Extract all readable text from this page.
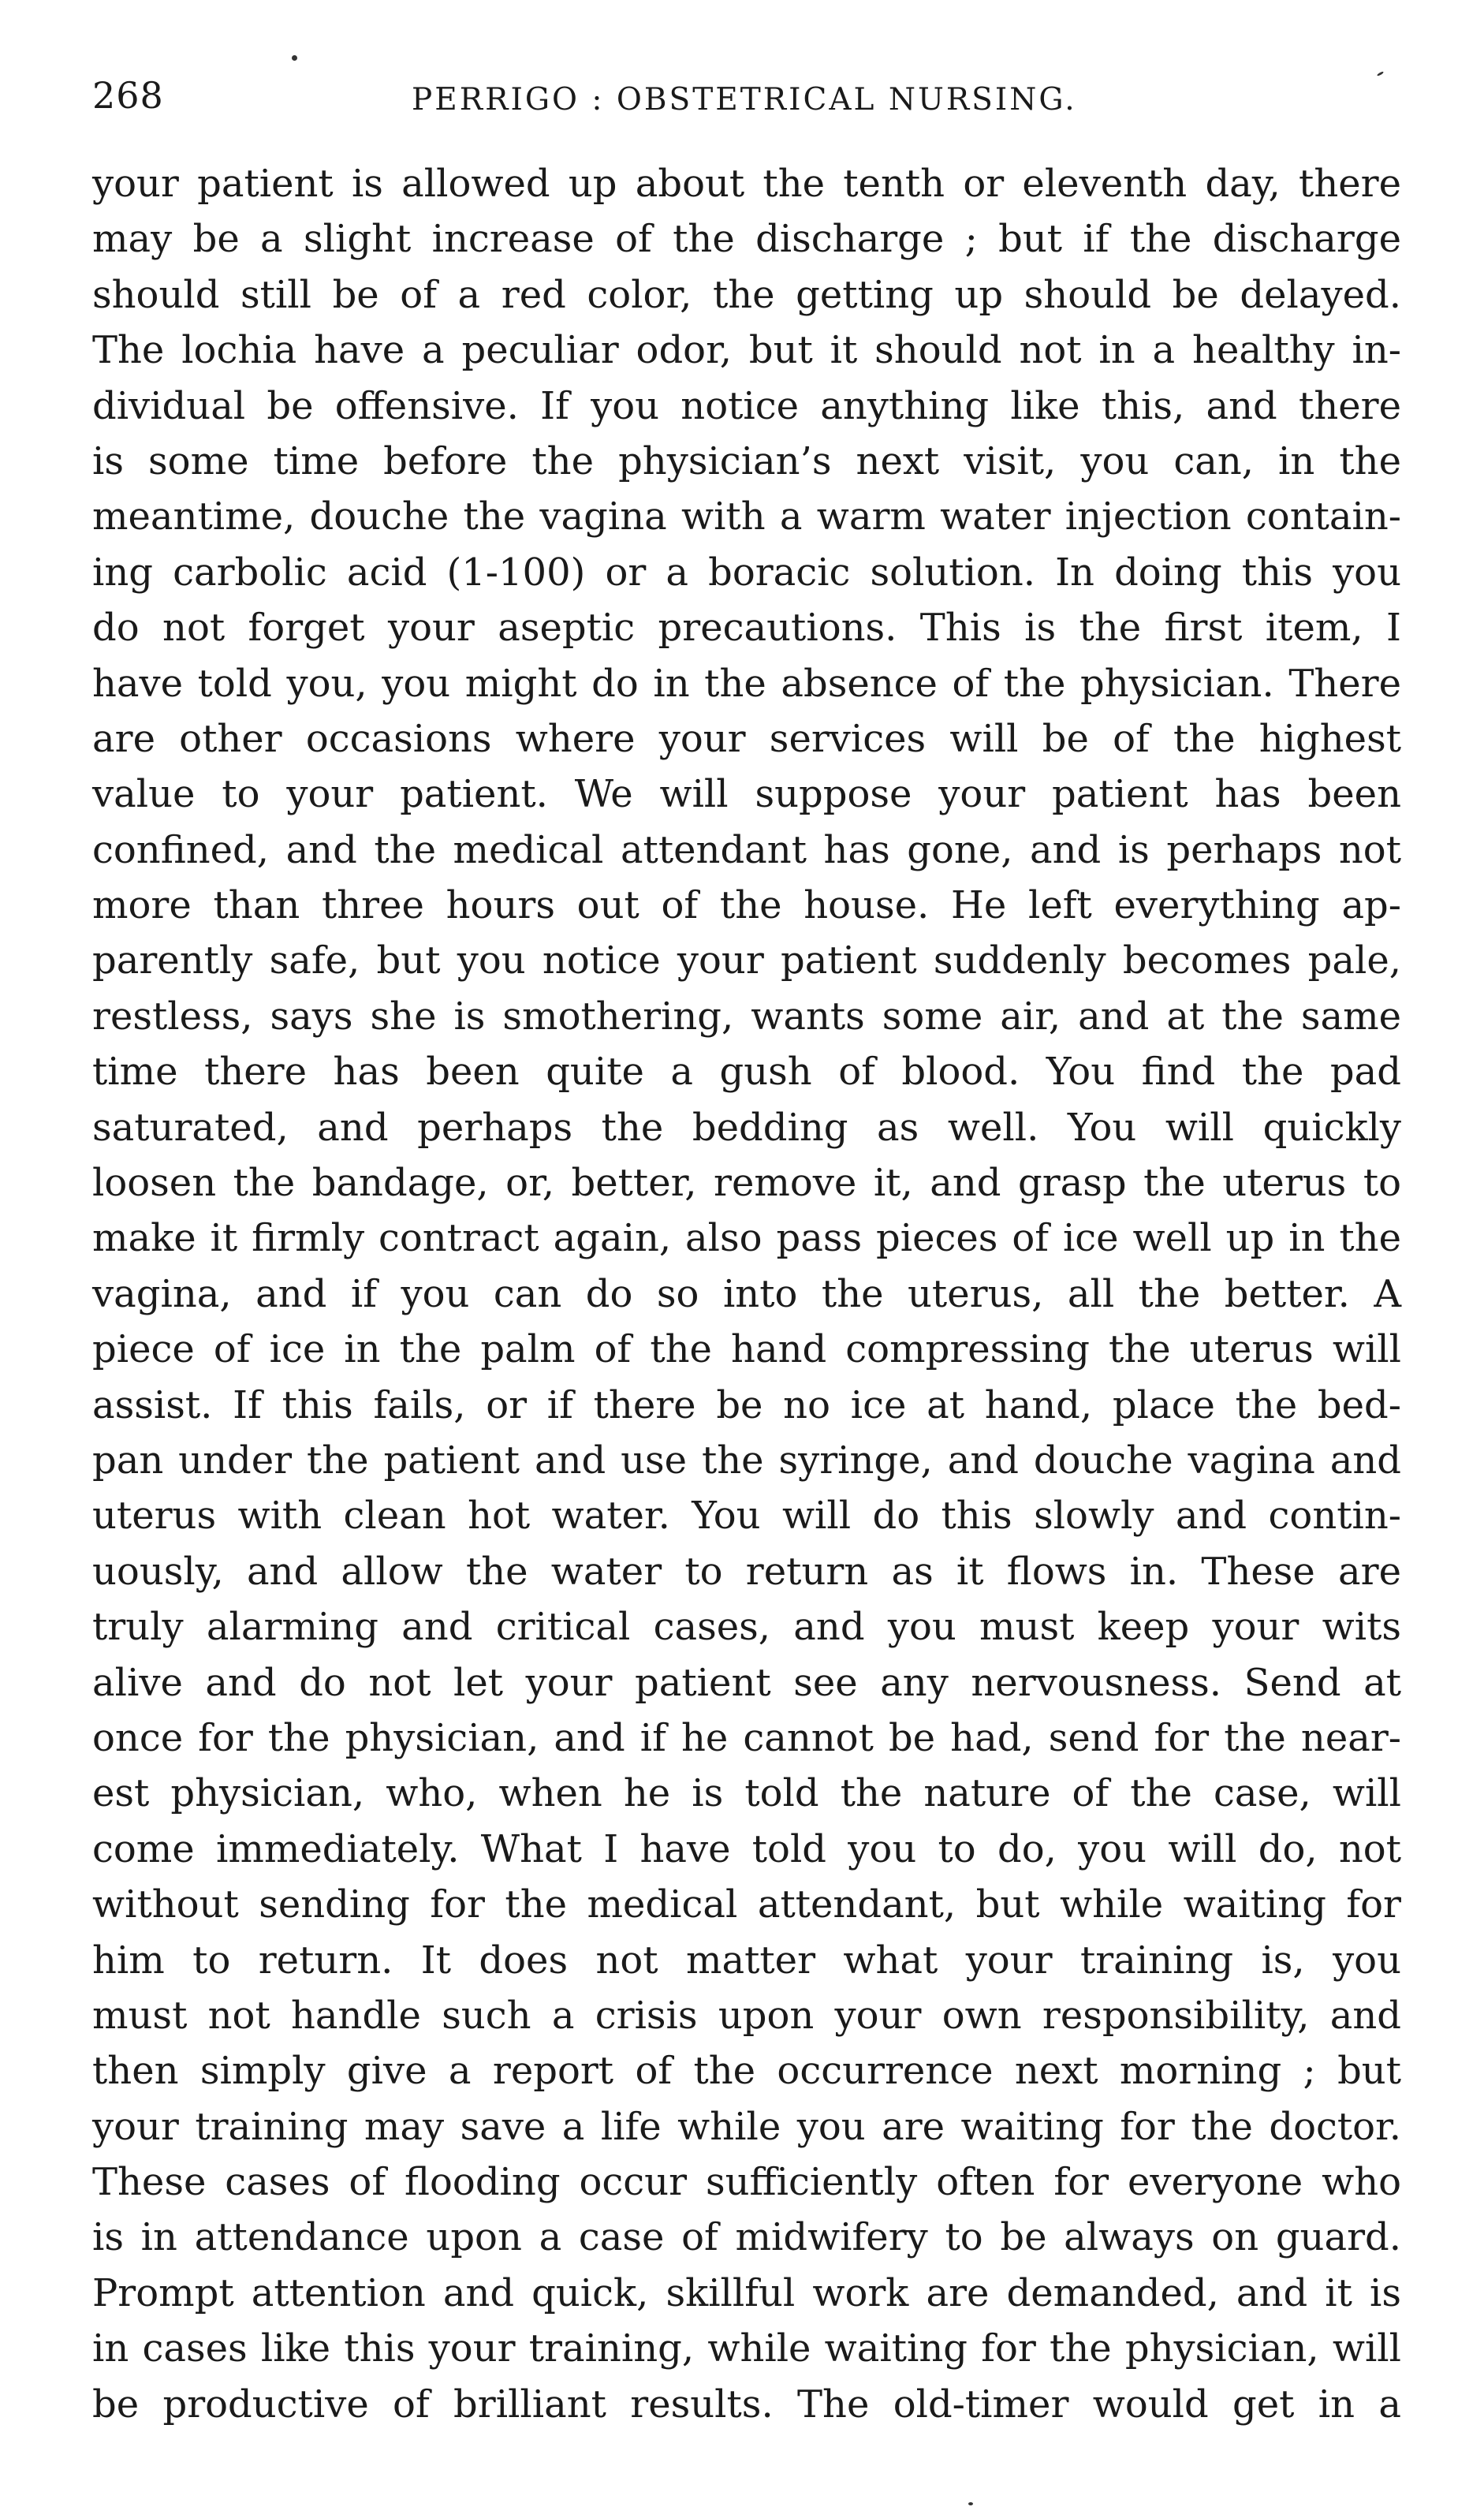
268	PERRIGO : OBSTETRICAL NURSING.
your patient is allowed up about the tenth or eleventh day, there
may be a slight increase of the discharge ; but if the discharge
should still be of a red color, the getting up should be delayed.
The lochia have a peculiar odor, but it should not in a healthy in-
dividual be offensive. If you notice anything like this, and there
is some time before the physician’s next visit, you can, in the
meantime, douche the vagina with a warm water injection contain-
ing carbolic acid (1-100) or a boracic solution. In doing this you
do not forget your aseptic precautions. This is the first item, I
have told you, you might do in the absence of the physician. There
are other occasions where your services will be of the highest
value to your patient. We will suppose your patient has been
confined, and the medical attendant has gone, and is perhaps not
more than three hours out of the house. He left everything ap-
parently safe, but you notice your patient suddenly becomes pale,
restless, says she is smothering, wants some air, and at the same
time there has been quite a gush of blood. You find the pad
saturated, and perhaps the bedding as well. You will quickly
loosen the bandage, or, better, remove it, and grasp the uterus to
make it firmly contract again, also pass pieces of ice well up in the
vagina, and if you can do so into the uterus, all the better. A
piece of ice in the palm of the hand compressing the uterus will
assist. If this fails, or if there be no ice at hand, place the bed-
pan under the patient and use the syringe, and douche vagina and
uterus with clean hot water. You will do this slowly and contin-
uously, and allow the water to return as it flows in. These are
truly alarming and critical cases, and you must keep your wits
alive and do not let your patient see any nervousness. Send at
once for the physician, and if he cannot be had, send for the near-
est physician, who, when he is told the nature of the case, will
come immediately. What I have told you to do, you will do, not
without sending for the medical attendant, but while waiting for
him to return. It does not matter what your training is, you
must not handle such a crisis upon your own responsibility, and
then simply give a report of the occurrence next morning ; but
your training may save a life while you are waiting for the doctor.
These cases of flooding occur sufficiently often for everyone who
is in attendance upon a case of midwifery to be always on guard.
Prompt attention and quick, skillful work are demanded, and it is
in cases like this your training, while waiting for the physician, will
be productive of brilliant results. The old-timer would get in a
